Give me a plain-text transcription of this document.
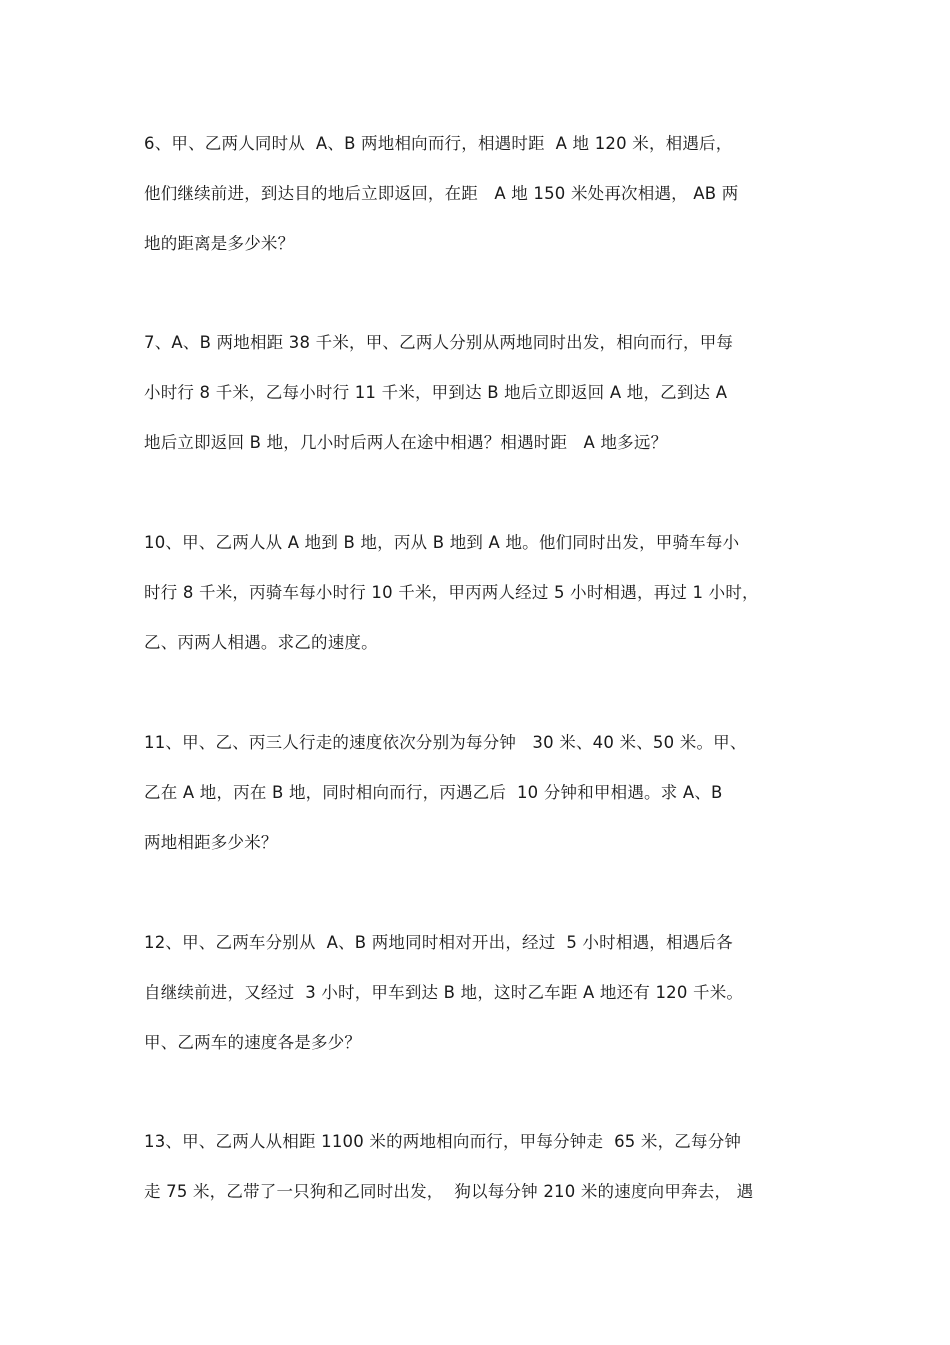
6、甲、乙两人同时从  A、B 两地相向而行，相遇时距  A 地 120 米，相遇后，
他们继续前进，到达目的地后立即返回，在距   A 地 150 米处再次相遇， AB 两
地的距离是多少米？
7、A、B 两地相距 38 千米，甲、乙两人分别从两地同时出发，相向而行，甲每
小时行 8 千米，乙每小时行 11 千米，甲到达 B 地后立即返回 A 地，乙到达 A
地后立即返回 B 地，几小时后两人在途中相遇？相遇时距   A 地多远？
10、甲、乙两人从 A 地到 B 地，丙从 B 地到 A 地。他们同时出发，甲骑车每小
时行 8 千米，丙骑车每小时行 10 千米，甲丙两人经过 5 小时相遇，再过 1 小时，
乙、丙两人相遇。求乙的速度。
11、甲、乙、丙三人行走的速度依次分别为每分钟   30 米、40 米、50 米。甲、
乙在 A 地，丙在 B 地，同时相向而行，丙遇乙后  10 分钟和甲相遇。求 A、B
两地相距多少米？
12、甲、乙两车分别从  A、B 两地同时相对开出，经过  5 小时相遇，相遇后各
自继续前进，又经过  3 小时，甲车到达 B 地，这时乙车距 A 地还有 120 千米。
甲、乙两车的速度各是多少？
13、甲、乙两人从相距 1100 米的两地相向而行，甲每分钟走  65 米，乙每分钟
走 75 米，乙带了一只狗和乙同时出发，  狗以每分钟 210 米的速度向甲奔去， 遇
